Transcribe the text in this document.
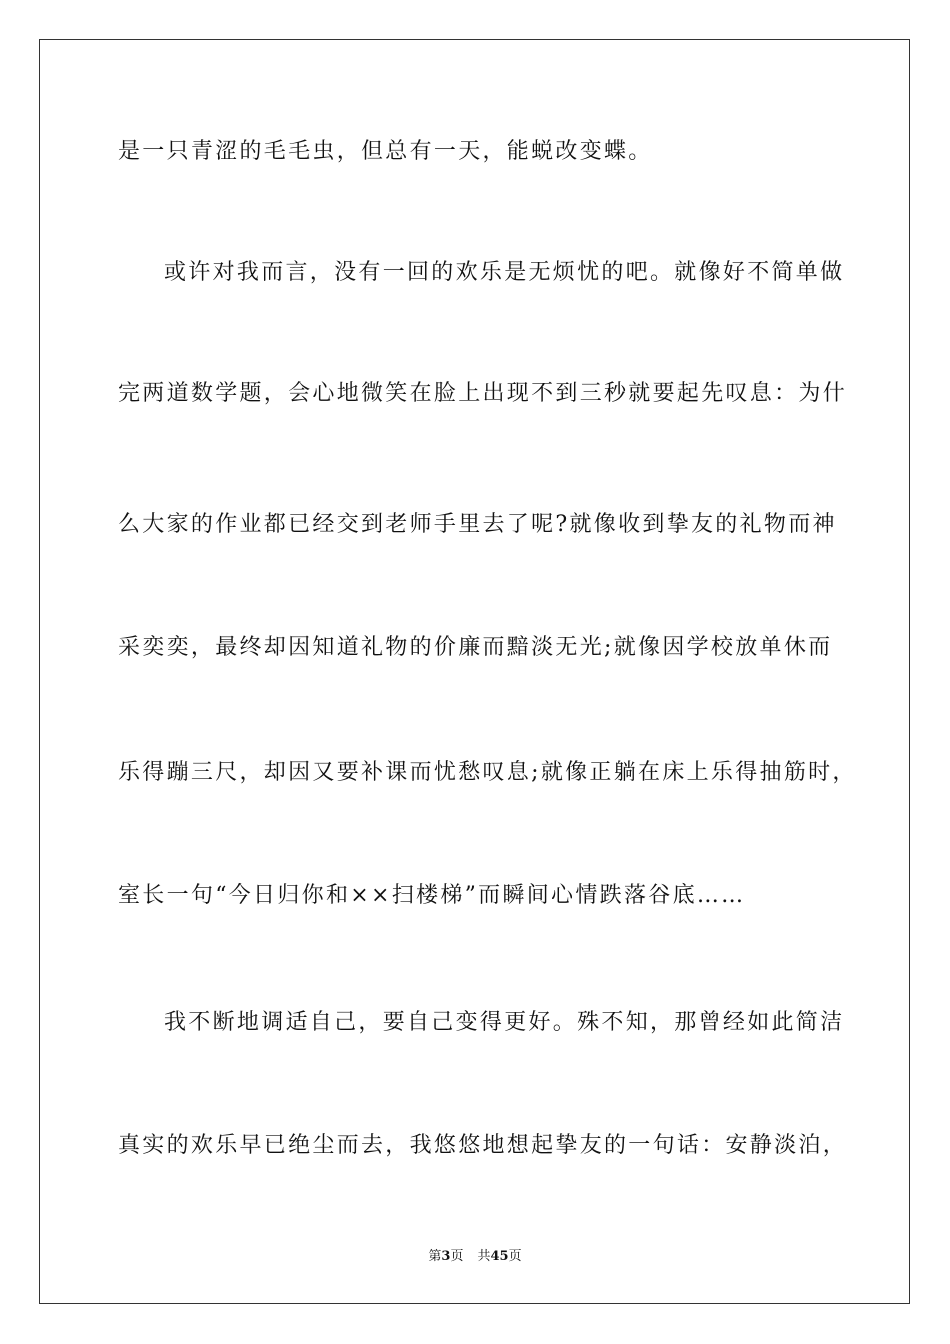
是一只青涩的毛毛虫，但总有一天，能蜕改变蝶。
或许对我而言，没有一回的欢乐是无烦忧的吧。就像好不简单做
完两道数学题，会心地微笑在脸上出现不到三秒就要起先叹息：为什
么大家的作业都已经交到老师手里去了呢?就像收到挚友的礼物而神
采奕奕，最终却因知道礼物的价廉而黯淡无光;就像因学校放单休而
乐得蹦三尺，却因又要补课而忧愁叹息;就像正躺在床上乐得抽筋时，
室长一句“今日归你和××扫楼梯”而瞬间心情跌落谷底……
我不断地调适自己，要自己变得更好。殊不知，那曾经如此简洁
真实的欢乐早已绝尘而去，我悠悠地想起挚友的一句话：安静淡泊，
第3页 共45页
